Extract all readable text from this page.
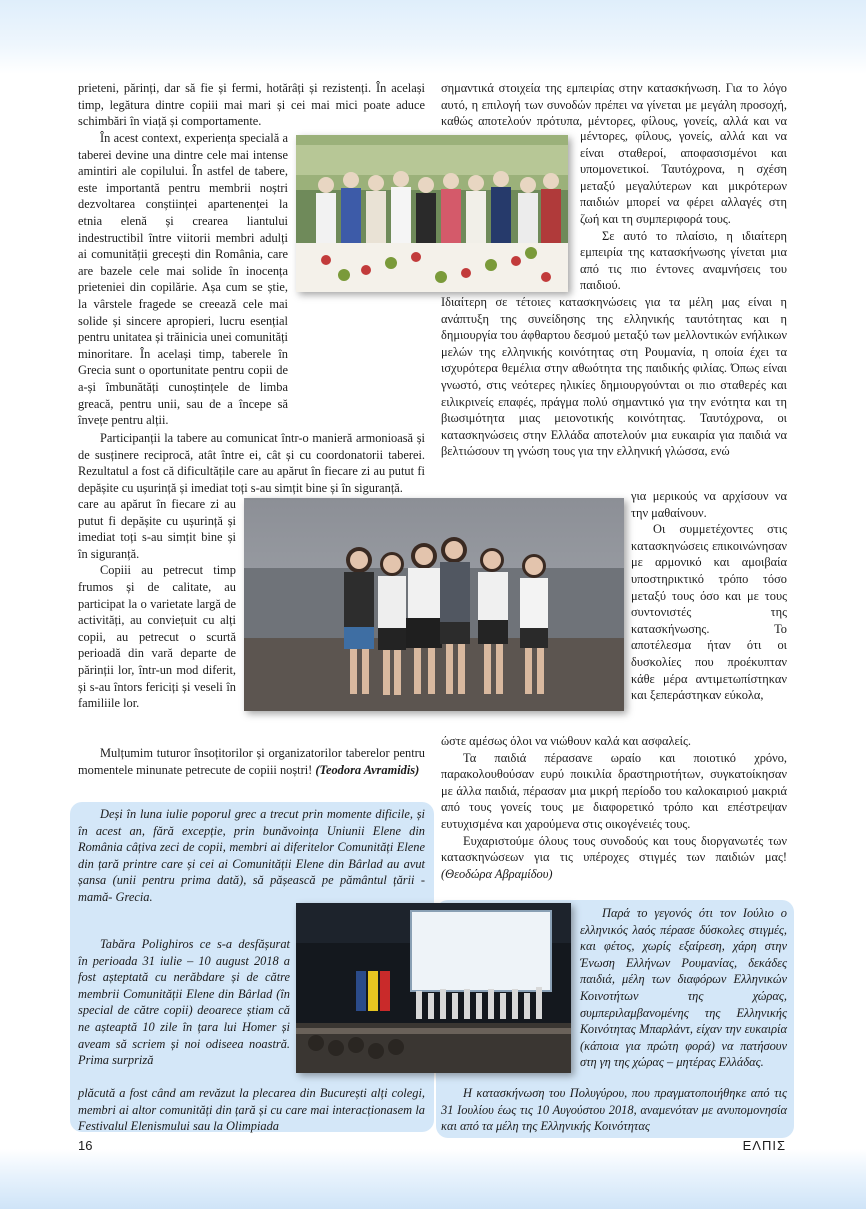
prieteni, părinți, dar să fie și fermi, hotărâți și rezistenți. În același timp, legătura dintre copiii mai mari și cei mai mici poate aduce schimbări în viață și comportamente.

În acest context, experiența specială a taberei devine una dintre cele mai intense amintiri ale copilului. În astfel de tabere, este importantă pentru membrii noștri dezvoltarea conștiinței apartenenței la etnia elenă și crearea liantului indestructibil între viitorii membri adulți ai comunității grecești din România, care are bazele cele mai solide în inocența prieteniei din copilărie. Așa cum se știe, la vârstele fragede se creează cele mai solide și sincere apropieri, lucru esențial pentru unitatea și trăinicia unei comunități minoritare. În același timp, taberele în Grecia sunt o oportunitate pentru copii de a-și îmbunătăți cunoștințele de limba greacă, pentru unii, sau de a începe să învețe pentru alții.

Participanții la tabere au comunicat într-o manieră armonioasă și de susținere reciprocă, atât între ei, cât și cu coordonatorii taberei. Rezultatul a fost că dificultățile care au apărut în fiecare zi au putut fi depășite cu ușurință și imediat toți s-au simțit bine și în siguranță.

care au apărut în fiecare zi au putut fi depășite cu ușurință și imediat toți s-au simțit bine și în siguranță.

Copiii au petrecut timp frumos și de calitate, au participat la o varietate largă de activități, au conviețuit cu alți copii, au petrecut o scurtă perioadă din vară departe de părinții lor, într-un mod diferit, și s-au întors fericiți și veseli în familiile lor.

Mulțumim tuturor însoțitorilor și organizatorilor taberelor pentru momentele minunate petrecute de copiii noștri! (Teodora Avramidis)

σημαντικά στοιχεία της εμπειρίας στην κατασκήνωση. Για το λόγο αυτό, η επιλογή των συνοδών πρέπει να γίνεται με μεγάλη προσοχή, καθώς αποτελούν πρότυπα, μέντορες, φίλους, γονείς, αλλά και να

μέντορες, φίλους, γονείς, αλλά και να είναι σταθεροί, αποφασισμένοι και υπομονετικοί. Ταυτόχρονα, η σχέση μεταξύ μεγαλύτερων και μικρότερων παιδιών μπορεί να φέρει αλλαγές στη ζωή και τη συμπεριφορά τους.

Σε αυτό το πλαίσιο, η ιδιαίτερη εμπειρία της κατασκήνωσης γίνεται μια από τις πιο έντονες αναμνήσεις του παιδιού.

Ιδιαίτερη σε τέτοιες κατασκηνώσεις για τα μέλη μας είναι η ανάπτυξη της συνείδησης της ελληνικής ταυτότητας και η δημιουργία του άφθαρτου δεσμού μεταξύ των μελλοντικών ενήλικων μελών της ελληνικής κοινότητας στη Ρουμανία, η οποία έχει τα ισχυρότερα θεμέλια στην αθωότητα της παιδικής φιλίας. Όπως είναι γνωστό, στις νεότερες ηλικίες δημιουργούνται οι πιο σταθερές και ειλικρινείς επαφές, πράγμα πολύ σημαντικό για την ενότητα και τη βιωσιμότητα μιας μειονοτικής κοινότητας. Ταυτόχρονα, οι κατασκηνώσεις στην Ελλάδα αποτελούν μια ευκαιρία για παιδιά να βελτιώσουν τη γνώση τους για την ελληνική γλώσσα, ενώ

για μερικούς να αρχίσουν να την μαθαίνουν.

Οι συμμετέχοντες στις κατασκηνώσεις επικοινώνησαν με αρμονικό και αμοιβαία υποστηρικτικό τρόπο τόσο μεταξύ τους όσο και με τους συντονιστές της κατασκήνωσης. Το αποτέλεσμα ήταν ότι οι δυσκολίες που προέκυπταν κάθε μέρα αντιμετωπίστηκαν και ξεπεράστηκαν εύκολα,

ώστε αμέσως όλοι να νιώθουν καλά και ασφαλείς.

Τα παιδιά πέρασανε ωραίο και ποιοτικό χρόνο, παρακολουθούσαν ευρύ ποικιλία δραστηριοτήτων, συγκατοίκησαν με άλλα παιδιά, πέρασαν μια μικρή περίοδο του καλοκαιριού μακριά από τους γονείς τους με διαφορετικό τρόπο και επέστρεψαν ευτυχισμένα και χαρούμενα στις οικογένειές τους.

Ευχαριστούμε όλους τους συνοδούς και τους διοργανωτές των κατασκηνώσεων για τις υπέροχες στιγμές των παιδιών μας! (Θεοδώρα Αβραμίδου)

Deși în luna iulie poporul grec a trecut prin momente dificile, și în acest an, fără excepție, prin bunăvoința Uniunii Elene din România câțiva zeci de copii, membri ai diferitelor Comunități Elene din țară printre care și cei ai Comunității Elene din Bârlad au avut șansa (unii pentru prima dată), să pășească pe pământul țării - mamă- Grecia.

Tabăra Polighiros ce s-a desfășurat în perioada 31 iulie – 10 august 2018 a fost așteptată cu nerăbdare și de către membrii Comunității Elene din Bârlad (în special de către copii) deoarece știam că ne așteaptă 10 zile în țara lui Homer și aveam să scriem și noi odiseea noastră. Prima surpriză

plăcută a fost când am revăzut la plecarea din București alți colegi, membri ai altor comunități din țară și cu care mai interacționasem la Festivalul Elenismului sau la Olimpiada

Παρά το γεγονός ότι τον Ιούλιο ο ελληνικός λαός πέρασε δύσκολες στιγμές, και φέτος, χωρίς εξαίρεση, χάρη στην Ένωση Ελλήνων Ρουμανίας, δεκάδες παιδιά, μέλη των διαφόρων Ελληνικών Κοινοτήτων της χώρας, συμπεριλαμβανομένης της Ελληνικής Κοινότητας Μπαρλάντ, είχαν την ευκαιρία (κάποια για πρώτη φορά) να πατήσουν στη γη της χώρας – μητέρας Ελλάδας.

Η κατασκήνωση του Πολυγύρου, που πραγματοποιήθηκε από τις 31 Ιουλίου έως τις 10 Αυγούστου 2018, αναμενόταν με ανυπομονησία και από τα μέλη της Ελληνικής Κοινότητας

16	ΕΛΠΙΣ
